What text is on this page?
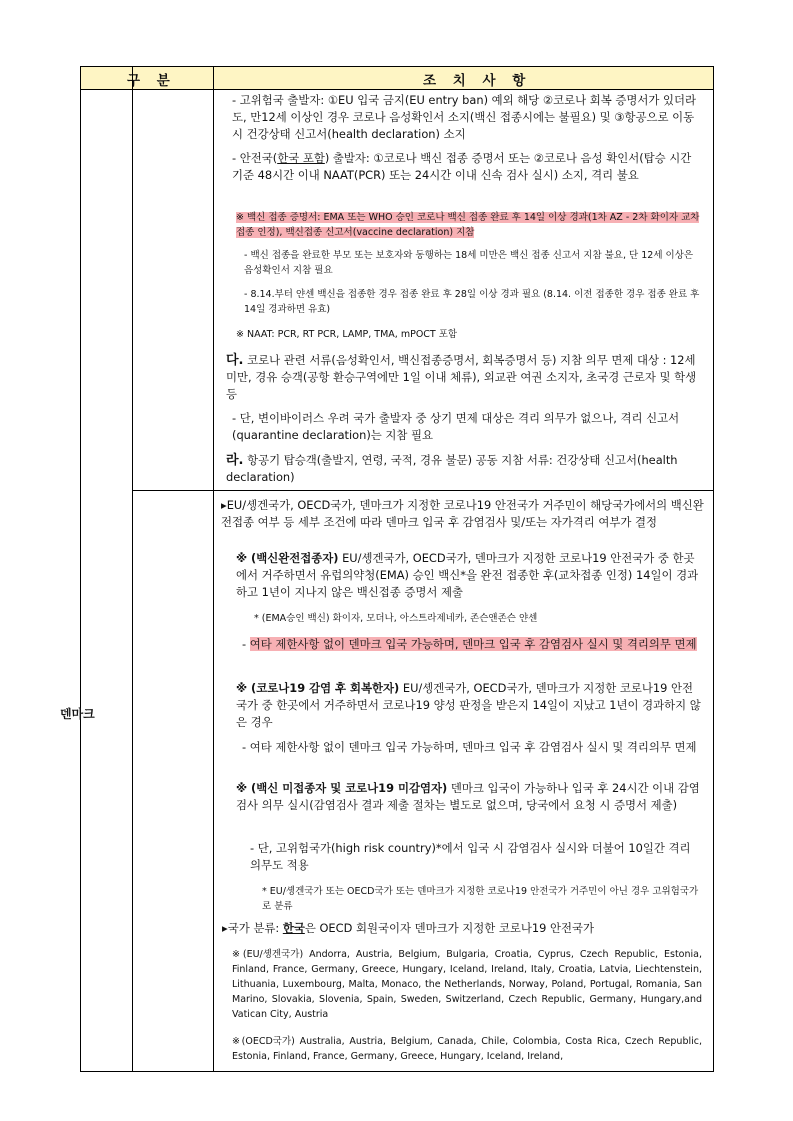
구 분	조 치 사 항
덴마크
- 고위험국 출발자: ①EU 입국 금지(EU entry ban) 예외 해당 ②코로나 회복 증명서가 있더라도, 만12세 이상인 경우 코로나 음성확인서 소지(백신 접종시에는 불필요) 및 ③항공으로 이동시 건강상태 신고서(health declaration) 소지
- 안전국(한국 포함) 출발자: ①코로나 백신 접종 증명서 또는 ②코로나 음성 확인서(탑승 시간 기준 48시간 이내 NAAT(PCR) 또는 24시간 이내 신속 검사 실시) 소지, 격리 불요
※ 백신 접종 증명서: EMA 또는 WHO 승인 코로나 백신 접종 완료 후 14일 이상 경과(1차 AZ - 2차 화이자 교차접종 인정), 백신접종 신고서(vaccine declaration) 지참
- 백신 접종을 완료한 부모 또는 보호자와 동행하는 18세 미만은 백신 접종 신고서 지참 불요, 단 12세 이상은 음성확인서 지참 필요
- 8.14.부터 얀센 백신을 접종한 경우 접종 완료 후 28일 이상 경과 필요 (8.14. 이전 접종한 경우 접종 완료 후 14일 경과하면 유효)
※ NAAT: PCR, RT PCR, LAMP, TMA, mPOCT 포함
다. 코로나 관련 서류(음성확인서, 백신접종증명서, 회복증명서 등) 지참 의무 면제 대상 : 12세 미만, 경유 승객(공항 환승구역에만 1일 이내 체류), 외교관 여권 소지자, 초국경 근로자 및 학생 등
- 단, 변이바이러스 우려 국가 출발자 중 상기 면제 대상은 격리 의무가 없으나, 격리 신고서(quarantine declaration)는 지참 필요
라. 항공기 탑승객(출발지, 연령, 국적, 경유 불문) 공동 지참 서류: 건강상태 신고서(health declaration)
▸EU/솅겐국가, OECD국가, 덴마크가 지정한 코로나19 안전국가 거주민이 해당국가에서의 백신완전접종 여부 등 세부 조건에 따라 덴마크 입국 후 감염검사 및/또는 자가격리 여부가 결정
※ (백신완전접종자) EU/솅겐국가, OECD국가, 덴마크가 지정한 코로나19 안전국가 중 한곳에서 거주하면서 유럽의약청(EMA) 승인 백신*을 완전 접종한 후(교차접종 인정) 14일이 경과하고 1년이 지나지 않은 백신접종 증명서 제출
* (EMA승인 백신) 화이자, 모더나, 아스트라제네카, 존슨앤존슨 얀센
- 여타 제한사항 없이 덴마크 입국 가능하며, 덴마크 입국 후 감염검사 실시 및 격리의무 면제
※ (코로나19 감염 후 회복한자) EU/솅겐국가, OECD국가, 덴마크가 지정한 코로나19 안전국가 중 한곳에서 거주하면서 코로나19 양성 판정을 받은지 14일이 지났고 1년이 경과하지 않은 경우
- 여타 제한사항 없이 덴마크 입국 가능하며, 덴마크 입국 후 감염검사 실시 및 격리의무 면제
※ (백신 미접종자 및 코로나19 미감염자) 덴마크 입국이 가능하나 입국 후 24시간 이내 감염검사 의무 실시(감염검사 결과 제출 절차는 별도로 없으며, 당국에서 요청 시 증명서 제출)
- 단, 고위험국가(high risk country)*에서 입국 시 감염검사 실시와 더불어 10일간 격리 의무도 적용
* EU/솅겐국가 또는 OECD국가 또는 덴마크가 지정한 코로나19 안전국가 거주민이 아닌 경우 고위험국가로 분류
▸국가 분류: 한국은 OECD 회원국이자 덴마크가 지정한 코로나19 안전국가
※(EU/솅겐국가) Andorra, Austria, Belgium, Bulgaria, Croatia, Cyprus, Czech Republic, Estonia, Finland, France, Germany, Greece, Hungary, Iceland, Ireland, Italy, Croatia, Latvia, Liechtenstein, Lithuania, Luxembourg, Malta, Monaco, the Netherlands, Norway, Poland, Portugal, Romania, San Marino, Slovakia, Slovenia, Spain, Sweden, Switzerland, Czech Republic, Germany, Hungary,and Vatican City, Austria
※(OECD국가) Australia, Austria, Belgium, Canada, Chile, Colombia, Costa Rica, Czech Republic, Estonia, Finland, France, Germany, Greece, Hungary, Iceland, Ireland,
